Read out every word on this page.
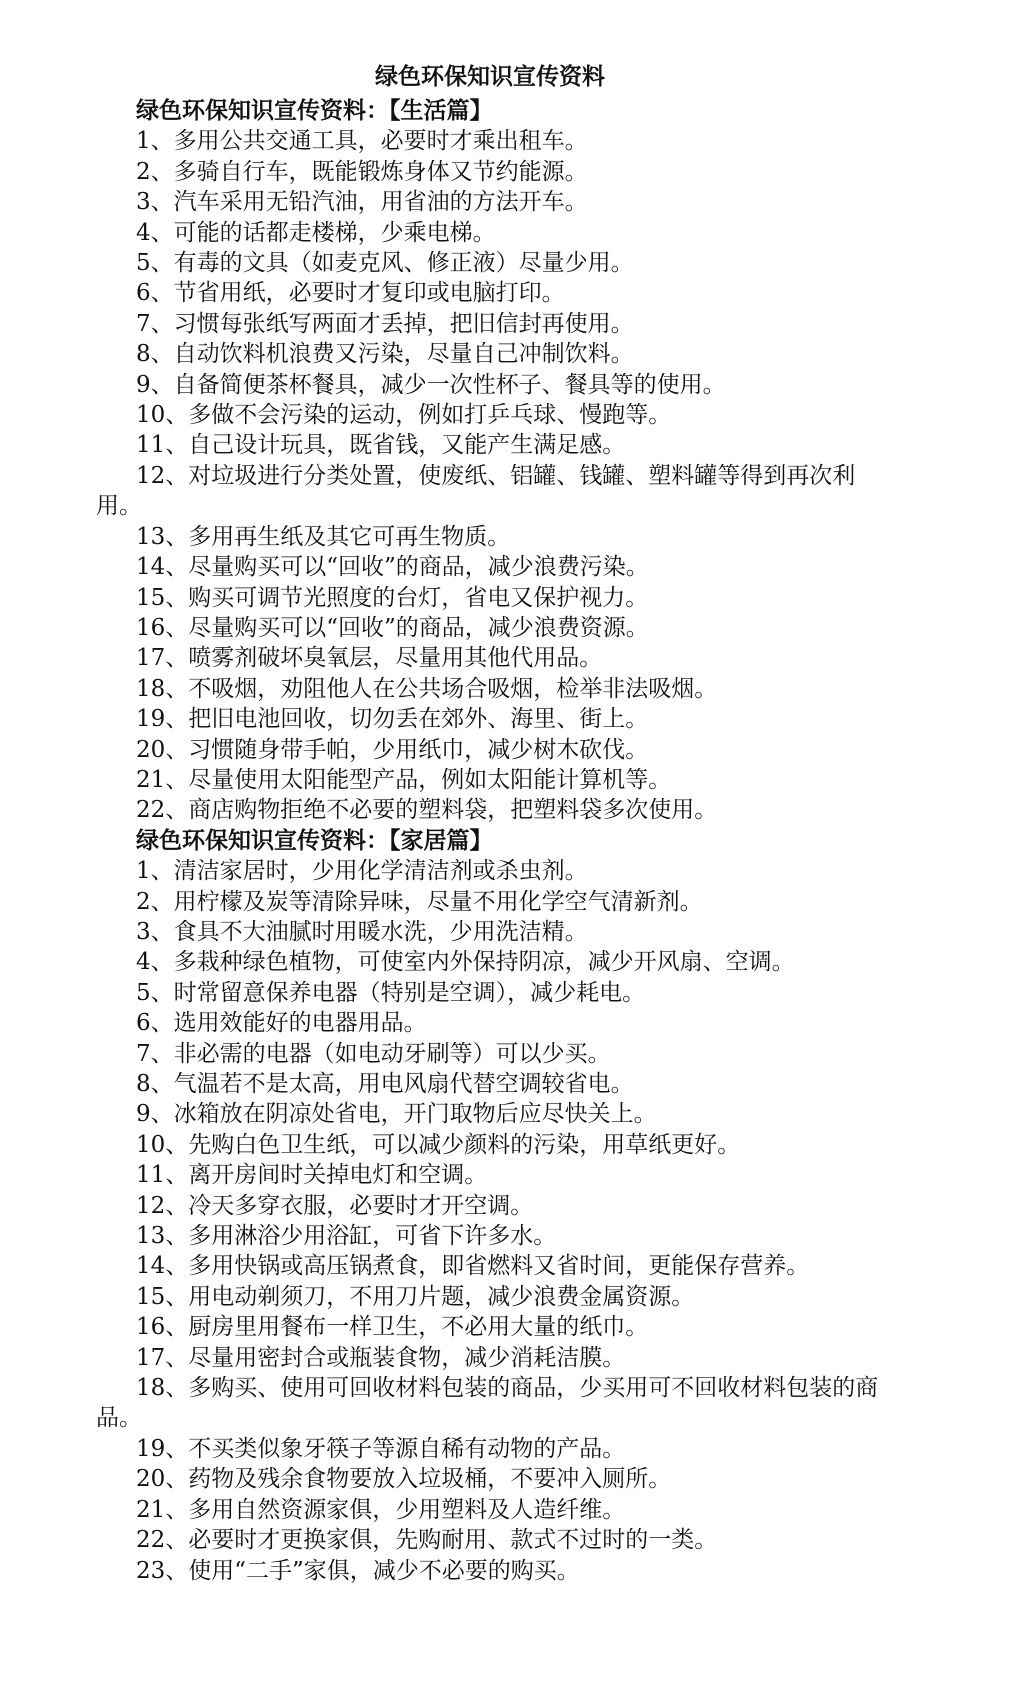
绿色环保知识宣传资料

绿色环保知识宣传资料：【生活篇】

1、多用公共交通工具，必要时才乘出租车。

2、多骑自行车，既能锻炼身体又节约能源。

3、汽车采用无铅汽油，用省油的方法开车。

4、可能的话都走楼梯，少乘电梯。

5、有毒的文具（如麦克风、修正液）尽量少用。

6、节省用纸，必要时才复印或电脑打印。

7、习惯每张纸写两面才丢掉，把旧信封再使用。

8、自动饮料机浪费又污染，尽量自己冲制饮料。

9、自备简便茶杯餐具，减少一次性杯子、餐具等的使用。

10、多做不会污染的运动，例如打乒乓球、慢跑等。

11、自己设计玩具，既省钱，又能产生满足感。

12、对垃圾进行分类处置，使废纸、铝罐、钱罐、塑料罐等得到再次利用。

13、多用再生纸及其它可再生物质。

14、尽量购买可以“回收”的商品，减少浪费污染。

15、购买可调节光照度的台灯，省电又保护视力。

16、尽量购买可以“回收”的商品，减少浪费资源。

17、喷雾剂破坏臭氧层，尽量用其他代用品。

18、不吸烟，劝阻他人在公共场合吸烟，检举非法吸烟。

19、把旧电池回收，切勿丢在郊外、海里、街上。

20、习惯随身带手帕，少用纸巾，减少树木砍伐。

21、尽量使用太阳能型产品，例如太阳能计算机等。

22、商店购物拒绝不必要的塑料袋，把塑料袋多次使用。

绿色环保知识宣传资料：【家居篇】

1、清洁家居时，少用化学清洁剂或杀虫剂。

2、用柠檬及炭等清除异味，尽量不用化学空气清新剂。

3、食具不大油腻时用暖水洗，少用洗洁精。

4、多栽种绿色植物，可使室内外保持阴凉，减少开风扇、空调。

5、时常留意保养电器（特别是空调），减少耗电。

6、选用效能好的电器用品。

7、非必需的电器（如电动牙刷等）可以少买。

8、气温若不是太高，用电风扇代替空调较省电。

9、冰箱放在阴凉处省电，开门取物后应尽快关上。

10、先购白色卫生纸，可以减少颜料的污染，用草纸更好。

11、离开房间时关掉电灯和空调。

12、冷天多穿衣服，必要时才开空调。

13、多用淋浴少用浴缸，可省下许多水。

14、多用快锅或高压锅煮食，即省燃料又省时间，更能保存营养。

15、用电动剃须刀，不用刀片题，减少浪费金属资源。

16、厨房里用餐布一样卫生，不必用大量的纸巾。

17、尽量用密封合或瓶装食物，减少消耗洁膜。

18、多购买、使用可回收材料包装的商品，少买用可不回收材料包装的商品。

19、不买类似象牙筷子等源自稀有动物的产品。

20、药物及残余食物要放入垃圾桶，不要冲入厕所。

21、多用自然资源家俱，少用塑料及人造纤维。

22、必要时才更换家俱，先购耐用、款式不过时的一类。

23、使用“二手”家俱，减少不必要的购买。
